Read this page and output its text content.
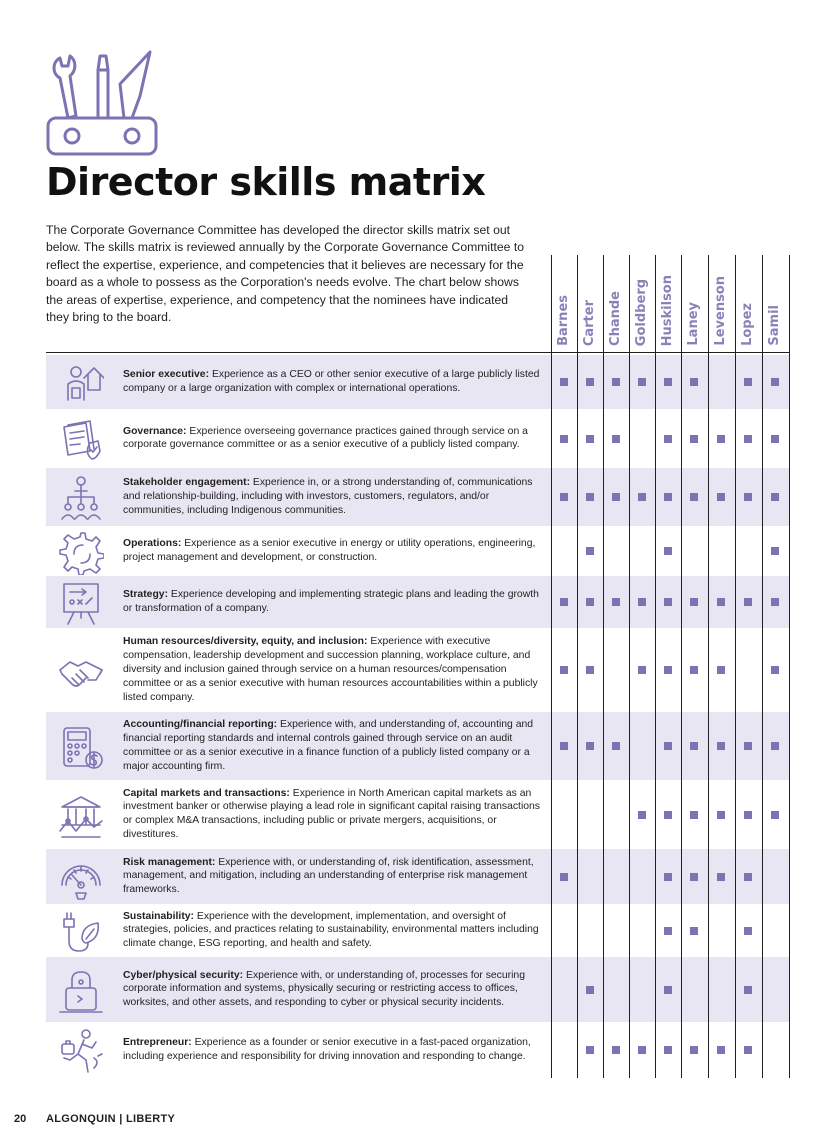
Director skills matrix

The Corporate Governance Committee has developed the director skills matrix set out below. The skills matrix is reviewed annually by the Corporate Governance Committee to reflect the expertise, experience, and competencies that it believes are necessary for the board as a whole to possess as the Corporation's needs evolve. The chart below shows the areas of expertise, experience, and competency that the nominees have indicated they bring to the board.	Barnes Carter Chande Goldberg Huskilson Laney Levenson Lopez Samil

Senior executive: Experience as a CEO or other senior executive of a large publicly listed company or a large organization with complex or international operations.

Governance: Experience overseeing governance practices gained through service on a corporate governance committee or as a senior executive of a publicly listed company.

Stakeholder engagement: Experience in, or a strong understanding of, communications and relationship-building, including with investors, customers, regulators, and/or communities, including Indigenous communities.

Operations: Experience as a senior executive in energy or utility operations, engineering, project management and development, or construction.

Strategy: Experience developing and implementing strategic plans and leading the growth or transformation of a company.

Human resources/diversity, equity, and inclusion: Experience with executive compensation, leadership development and succession planning, workplace culture, and diversity and inclusion gained through service on a human resources/compensation committee or as a senior executive with human resources accountabilities within a publicly listed company.

Accounting/financial reporting: Experience with, and understanding of, accounting and financial reporting standards and internal controls gained through service on an audit committee or as a senior executive in a finance function of a publicly listed company or a major accounting firm.

Capital markets and transactions: Experience in North American capital markets as an investment banker or otherwise playing a lead role in significant capital raising transactions or complex M&A transactions, including public or private mergers, acquisitions, or divestitures.

Risk management: Experience with, or understanding of, risk identification, assessment, management, and mitigation, including an understanding of enterprise risk management frameworks.

Sustainability: Experience with the development, implementation, and oversight of strategies, policies, and practices relating to sustainability, environmental matters including climate change, ESG reporting, and health and safety.

Cyber/physical security: Experience with, or understanding of, processes for securing corporate information and systems, physically securing or restricting access to offices, worksites, and other assets, and responding to cyber or physical security incidents.

Entrepreneur: Experience as a founder or senior executive in a fast-paced organization, including experience and responsibility for driving innovation and responding to change.

20 ALGONQUIN | LIBERTY
